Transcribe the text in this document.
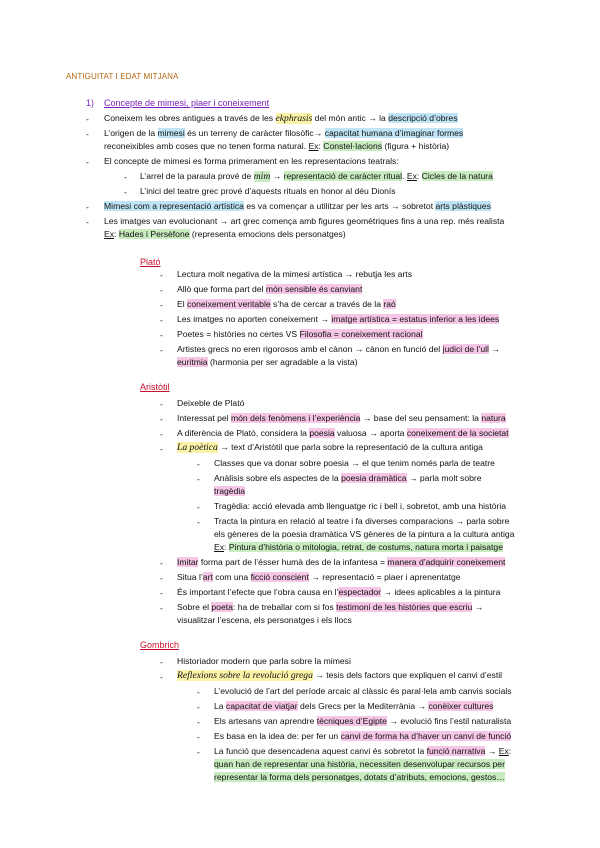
ANTIGUITAT I EDAT MITJANA
1) Concepte de mimesi, plaer i coneixement
- Coneixem les obres antigues a través de les ekphrasis del món antic → la descripció d’obres
- L’origen de la mimesi és un terreny de caràcter filosòfic→ capacitat humana d’imaginar formes
reconeixibles amb coses que no tenen forma natural. Ex: Constel·lacions (figura + història)
- El concepte de mimesi es forma primerament en les representacions teatrals:
- L’arrel de la paraula prové de mim → representació de caràcter ritual. Ex: Cicles de la natura
- L’inici del teatre grec prové d’aquests rituals en honor al déu Dionís
- Mimesi com a representació artística es va començar a utilitzar per les arts → sobretot arts plàstiques
- Les imatges van evolucionant → art grec comença amb figures geomètriques fins a una rep. més realista
Ex: Hades i Persèfone (representa emocions dels personatges)
Plató
- Lectura molt negativa de la mimesi artística → rebutja les arts
- Allò que forma part del món sensible és canviant
- El coneixement veritable s’ha de cercar a través de la raó
- Les imatges no aporten coneixement → imatge artística = estatus inferior a les idees
- Poetes = històries no certes VS Filosofia = coneixement racional
- Artistes grecs no eren rigorosos amb el cànon → cànon en funció del judici de l’ull →
euritmia (harmonia per ser agradable a la vista)
Aristòtil
- Deixeble de Plató
- Interessat pel món dels fenòmens i l’experiència → base del seu pensament: la natura
- A diferència de Plató, considera la poesia valuosa → aporta coneixement de la societat
- La poètica → text d’Aristòtil que parla sobre la representació de la cultura antiga
- Classes que va donar sobre poesia → el que tenim només parla de teatre
- Anàlisis sobre els aspectes de la poesia dramàtica → parla molt sobre
tragèdia
- Tragèdia: acció elevada amb llenguatge ric i bell i, sobretot, amb una història
- Tracta la pintura en relació al teatre i fa diverses comparacions → parla sobre
els gèneres de la poesia dramàtica VS gèneres de la pintura a la cultura antiga
Ex: Pintura d’història o mitologia, retrat, de costums, natura morta i paisatge
- Imitar forma part de l’ésser humà des de la infantesa = manera d’adquirir coneixement
- Situa l’art com una ficció conscient → representació = plaer i aprenentatge
- És important l’efecte que l’obra causa en l’espectador → idees aplicables a la pintura
- Sobre el poeta: ha de treballar com si fos testimoni de les històries que escriu →
visualitzar l’escena, els personatges i els llocs
Gombrich
- Historiador modern que parla sobre la mimesi
- Reflexions sobre la revolució grega → tesis dels factors que expliquen el canvi d’estil
- L’evolució de l’art del període arcaic al clàssic és paral·lela amb canvis socials
- La capacitat de viatjar dels Grecs per la Mediterrània → conèixer cultures
- Els artesans van aprendre tècniques d’Egipte → evolució fins l’estil naturalista
- Es basa en la idea de: per fer un canvi de forma ha d’haver un canvi de funció
- La funció que desencadena aquest canvi és sobretot la funció narrativa → Ex:
quan han de representar una història, necessiten desenvolupar recursos per
representar la forma dels personatges, dotats d’atributs, emocions, gestos…
